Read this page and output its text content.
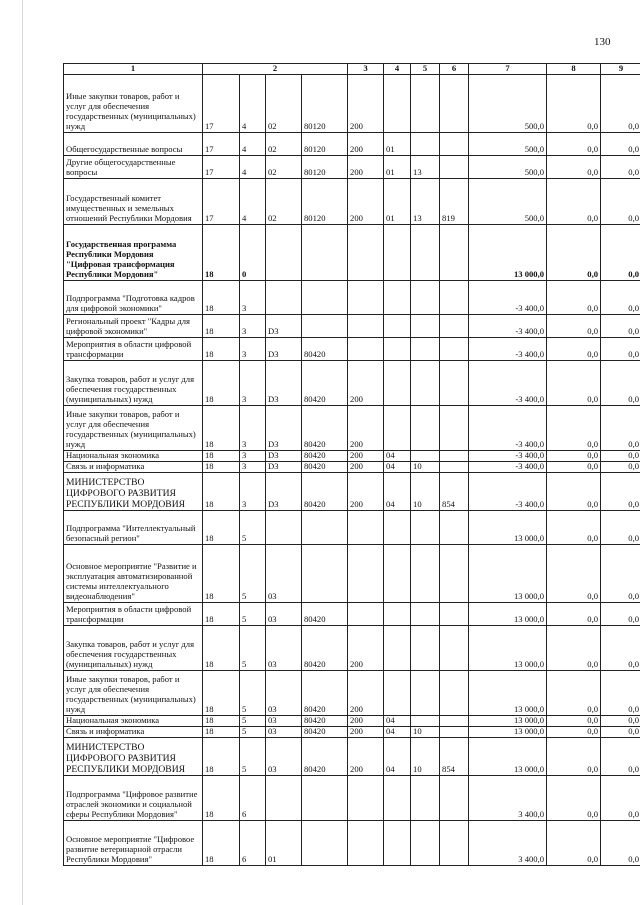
130
1	2				3	4	5	6	7	8	9
Иные закупки товаров, работ и услуг для обеспечения государственных (муниципальных) нужд	17	4	02	80120	200				500,0	0,0	0,0
Общегосударственные вопросы	17	4	02	80120	200	01			500,0	0,0	0,0
Другие общегосударственные вопросы	17	4	02	80120	200	01	13		500,0	0,0	0,0
Государственный комитет имущественных и земельных отношений Республики Мордовия	17	4	02	80120	200	01	13	819	500,0	0,0	0,0
Государственная программа Республики Мордовия "Цифровая трансформация Республики Мордовия"	18	0							13 000,0	0,0	0,0
Подпрограмма "Подготовка кадров для цифровой экономики"	18	3							-3 400,0	0,0	0,0
Региональный проект "Кадры для цифровой экономики"	18	3	D3						-3 400,0	0,0	0,0
Мероприятия в области цифровой трансформации	18	3	D3	80420					-3 400,0	0,0	0,0
Закупка товаров, работ и услуг для обеспечения государственных (муниципальных) нужд	18	3	D3	80420	200				-3 400,0	0,0	0,0
Иные закупки товаров, работ и услуг для обеспечения государственных (муниципальных) нужд	18	3	D3	80420	200				-3 400,0	0,0	0,0
Национальная экономика	18	3	D3	80420	200	04			-3 400,0	0,0	0,0
Связь и информатика	18	3	D3	80420	200	04	10		-3 400,0	0,0	0,0
МИНИСТЕРСТВО ЦИФРОВОГО РАЗВИТИЯ РЕСПУБЛИКИ МОРДОВИЯ	18	3	D3	80420	200	04	10	854	-3 400,0	0,0	0,0
Подпрограмма "Интеллектуальный безопасный регион"	18	5							13 000,0	0,0	0,0
Основное мероприятие "Развитие и эксплуатация автоматизированной системы интеллектуального видеонаблюдения"	18	5	03						13 000,0	0,0	0,0
Мероприятия в области цифровой трансформации	18	5	03	80420					13 000,0	0,0	0,0
Закупка товаров, работ и услуг для обеспечения государственных (муниципальных) нужд	18	5	03	80420	200				13 000,0	0,0	0,0
Иные закупки товаров, работ и услуг для обеспечения государственных (муниципальных) нужд	18	5	03	80420	200				13 000,0	0,0	0,0
Национальная экономика	18	5	03	80420	200	04			13 000,0	0,0	0,0
Связь и информатика	18	5	03	80420	200	04	10		13 000,0	0,0	0,0
МИНИСТЕРСТВО ЦИФРОВОГО РАЗВИТИЯ РЕСПУБЛИКИ МОРДОВИЯ	18	5	03	80420	200	04	10	854	13 000,0	0,0	0,0
Подпрограмма "Цифровое развитие отраслей экономики и социальной сферы Республики Мордовия"	18	6							3 400,0	0,0	0,0
Основное мероприятие "Цифровое развитие ветеринарной отрасли Республики Мордовия"	18	6	01						3 400,0	0,0	0,0
